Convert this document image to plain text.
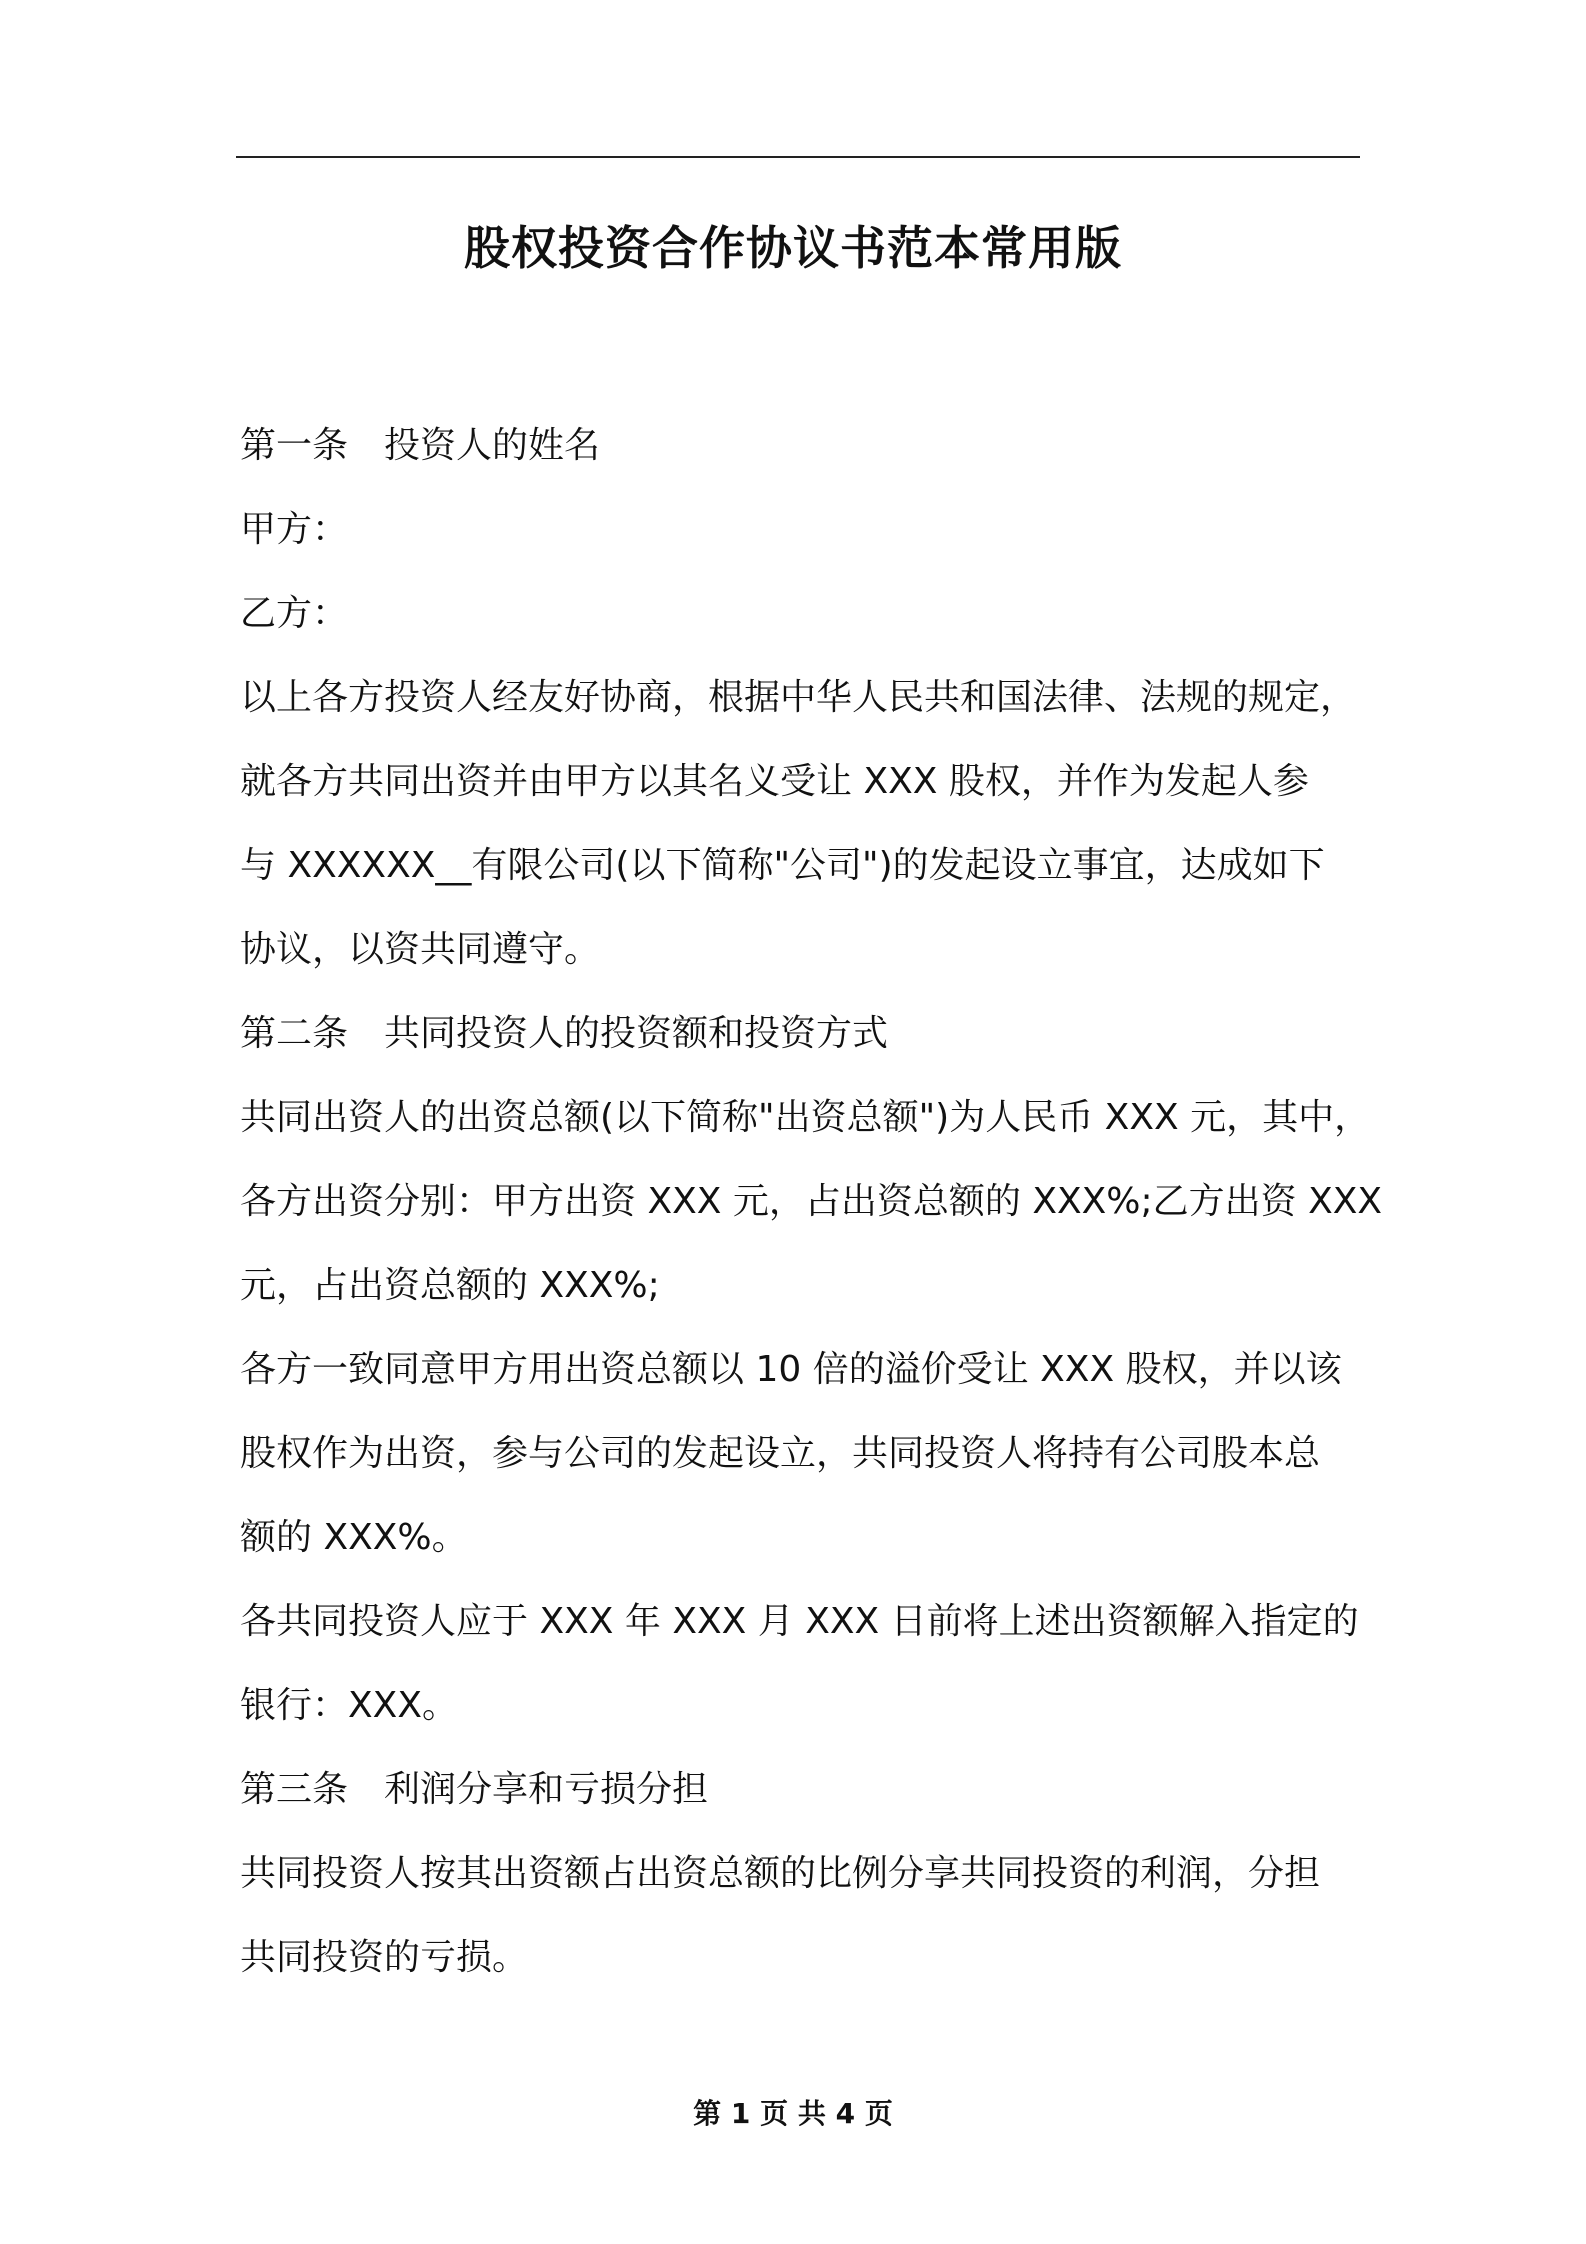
股权投资合作协议书范本常用版
第一条　投资人的姓名
甲方：
乙方：
以上各方投资人经友好协商，根据中华人民共和国法律、法规的规定，
就各方共同出资并由甲方以其名义受让 XXX 股权，并作为发起人参
与 XXXXXX__有限公司(以下简称"公司")的发起设立事宜，达成如下
协议，以资共同遵守。
第二条　共同投资人的投资额和投资方式
共同出资人的出资总额(以下简称"出资总额")为人民币 XXX 元，其中，
各方出资分别：甲方出资 XXX 元，占出资总额的 XXX%;乙方出资 XXX
元，占出资总额的 XXX%;
各方一致同意甲方用出资总额以 10 倍的溢价受让 XXX 股权，并以该
股权作为出资，参与公司的发起设立，共同投资人将持有公司股本总
额的 XXX%。
各共同投资人应于 XXX 年 XXX 月 XXX 日前将上述出资额解入指定的
银行：XXX。
第三条　利润分享和亏损分担
共同投资人按其出资额占出资总额的比例分享共同投资的利润，分担
共同投资的亏损。
第 1 页 共 4 页
